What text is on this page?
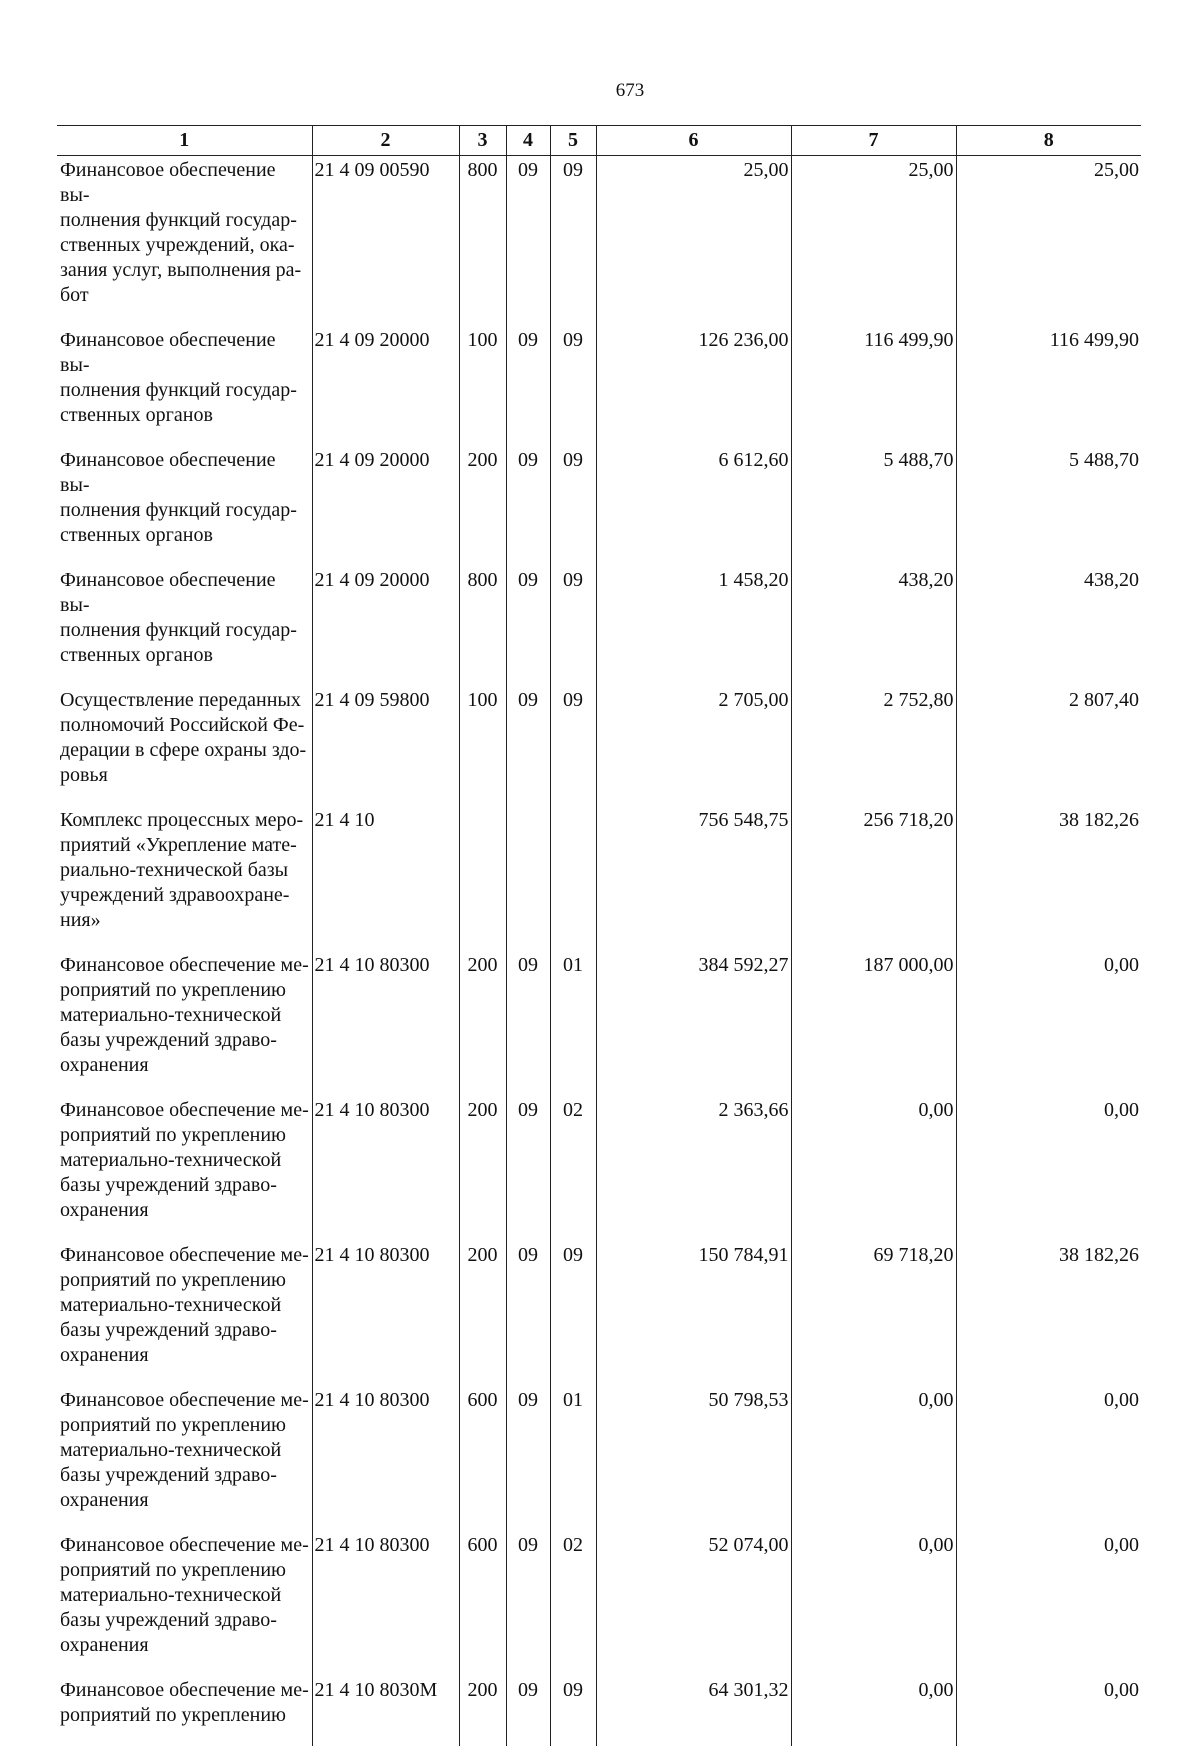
673
1	2	3	4	5	6	7	8
Финансовое обеспечение вы-
полнения функций государ-
ственных учреждений, ока-
зания услуг, выполнения ра-
бот	21 4 09 00590	800	09	09	25,00	25,00	25,00
Финансовое обеспечение вы-
полнения функций государ-
ственных органов	21 4 09 20000	100	09	09	126 236,00	116 499,90	116 499,90
Финансовое обеспечение вы-
полнения функций государ-
ственных органов	21 4 09 20000	200	09	09	6 612,60	5 488,70	5 488,70
Финансовое обеспечение вы-
полнения функций государ-
ственных органов	21 4 09 20000	800	09	09	1 458,20	438,20	438,20
Осуществление переданных
полномочий Российской Фе-
дерации в сфере охраны здо-
ровья	21 4 09 59800	100	09	09	2 705,00	2 752,80	2 807,40
Комплекс процессных меро-
приятий «Укрепление мате-
риально-технической базы
учреждений здравоохране-
ния»	21 4 10				756 548,75	256 718,20	38 182,26
Финансовое обеспечение ме-
роприятий по укреплению
материально-технической
базы учреждений здраво-
охранения	21 4 10 80300	200	09	01	384 592,27	187 000,00	0,00
Финансовое обеспечение ме-
роприятий по укреплению
материально-технической
базы учреждений здраво-
охранения	21 4 10 80300	200	09	02	2 363,66	0,00	0,00
Финансовое обеспечение ме-
роприятий по укреплению
материально-технической
базы учреждений здраво-
охранения	21 4 10 80300	200	09	09	150 784,91	69 718,20	38 182,26
Финансовое обеспечение ме-
роприятий по укреплению
материально-технической
базы учреждений здраво-
охранения	21 4 10 80300	600	09	01	50 798,53	0,00	0,00
Финансовое обеспечение ме-
роприятий по укреплению
материально-технической
базы учреждений здраво-
охранения	21 4 10 80300	600	09	02	52 074,00	0,00	0,00
Финансовое обеспечение ме-
роприятий по укреплению	21 4 10 8030М	200	09	09	64 301,32	0,00	0,00
